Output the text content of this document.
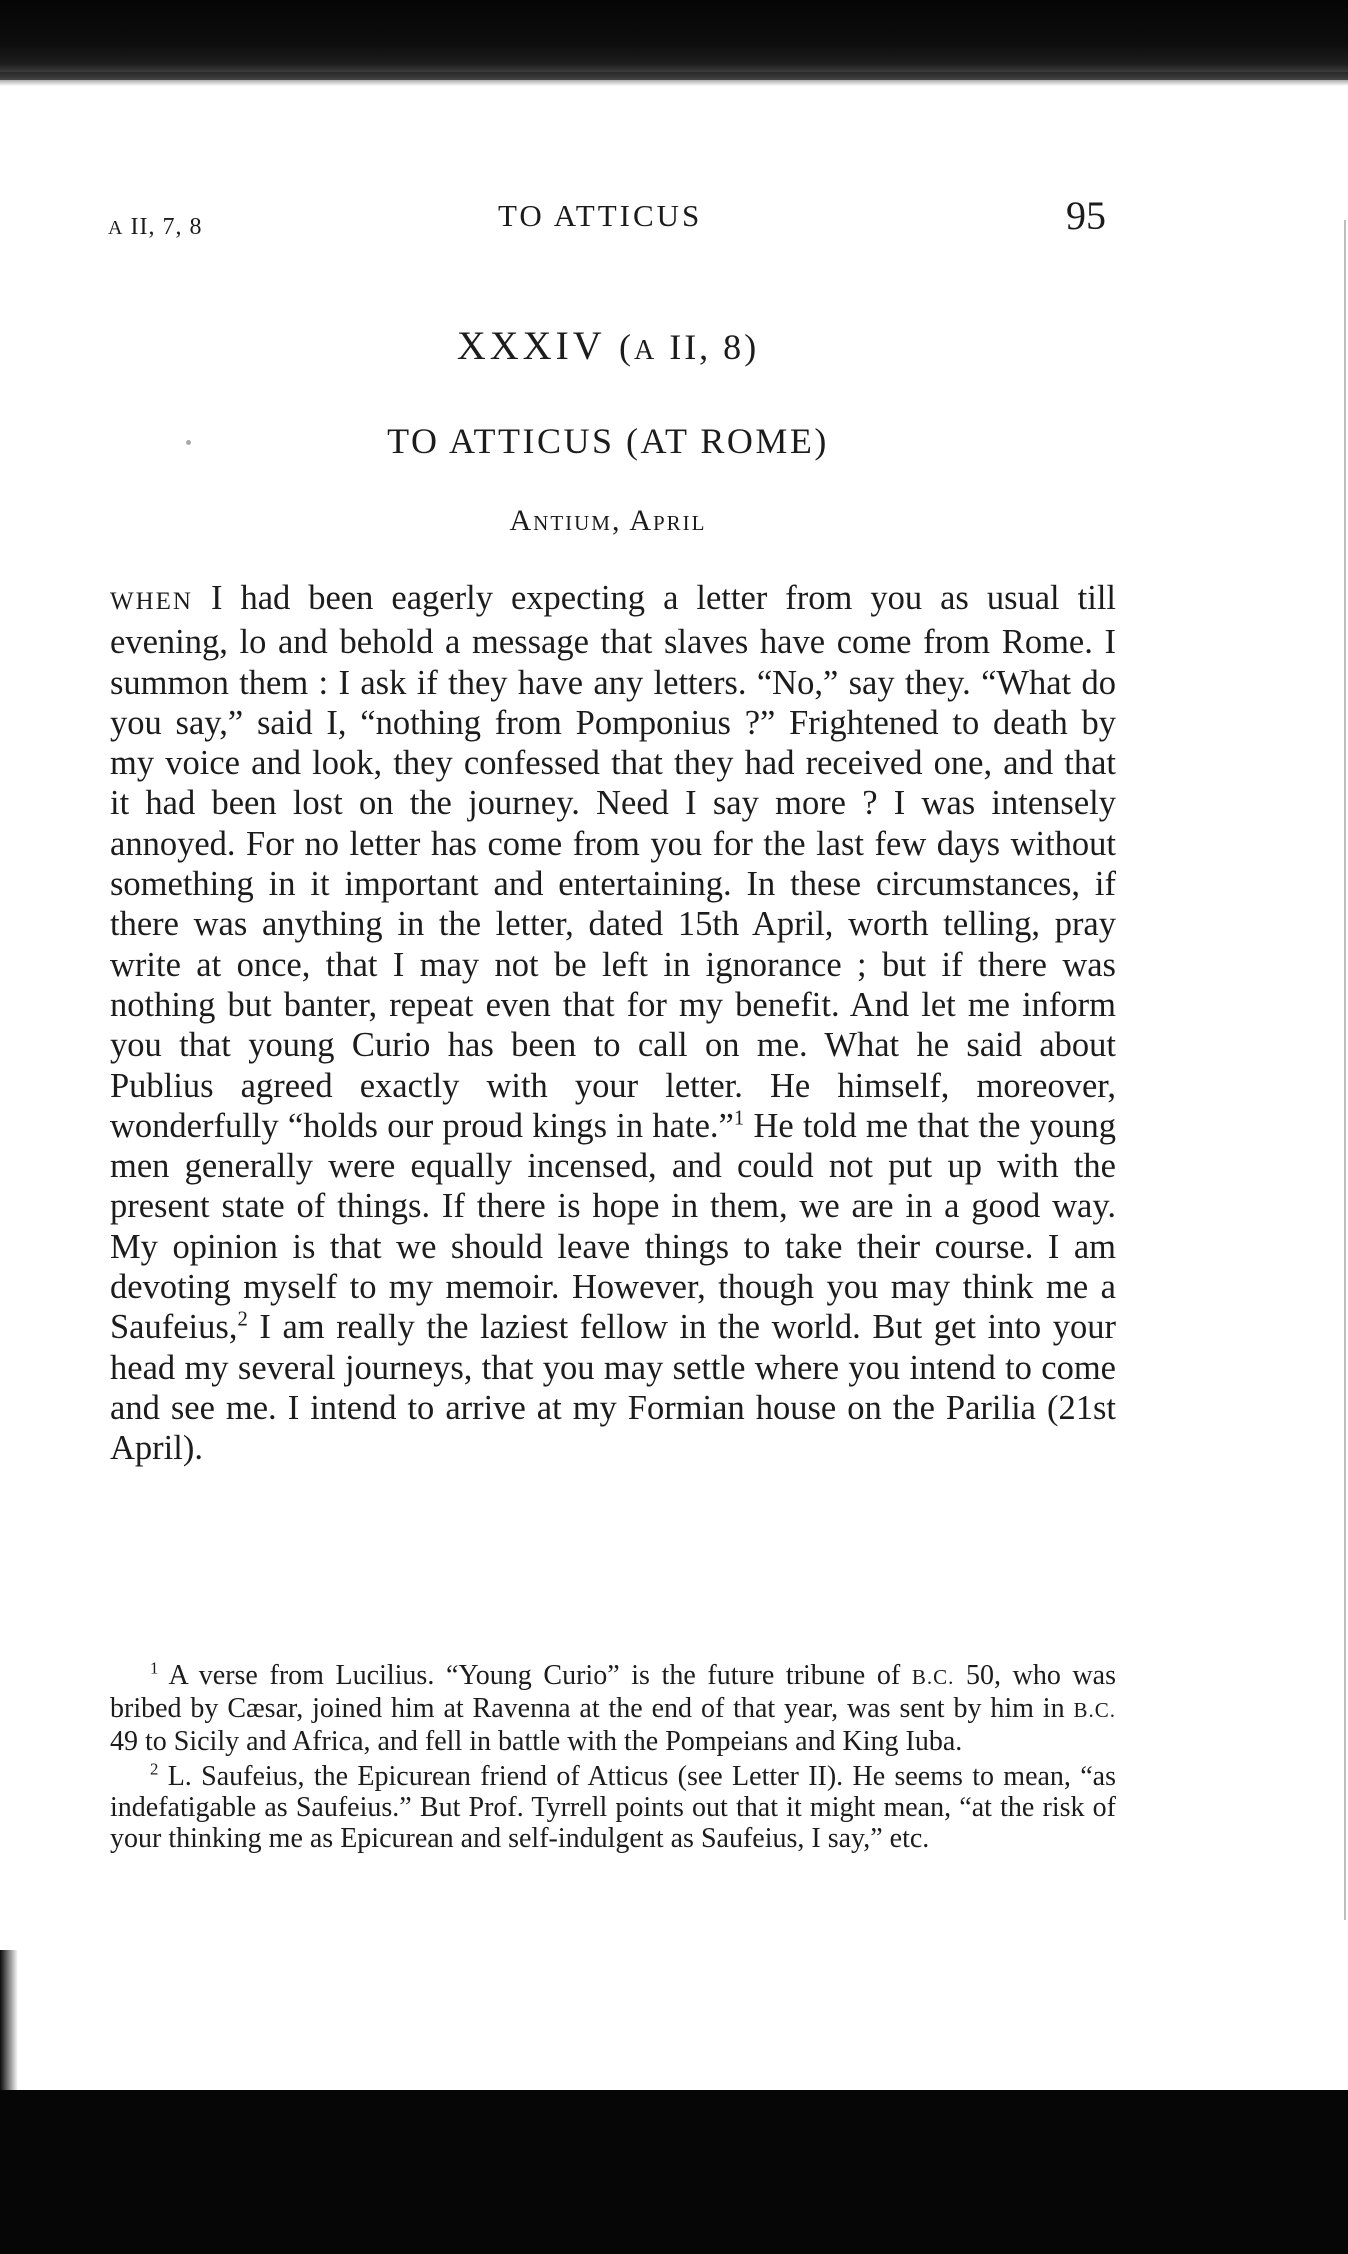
A II, 7, 8	TO ATTICUS	95
XXXIV (A II, 8)
TO ATTICUS (AT ROME)
Antium, April

WHEN I had been eagerly expecting a letter from you as usual till evening, lo and behold a message that slaves have come from Rome. I summon them : I ask if they have any letters. “No,” say they. “What do you say,” said I, “nothing from Pomponius ?” Frightened to death by my voice and look, they confessed that they had received one, and that it had been lost on the journey. Need I say more ? I was intensely annoyed. For no letter has come from you for the last few days without something in it important and entertaining. In these circumstances, if there was anything in the letter, dated 15th April, worth telling, pray write at once, that I may not be left in ignorance ; but if there was nothing but banter, repeat even that for my benefit. And let me inform you that young Curio has been to call on me. What he said about Publius agreed exactly with your letter. He himself, moreover, wonderfully “holds our proud kings in hate.”$^1$ He told me that the young men generally were equally incensed, and could not put up with the present state of things. If there is hope in them, we are in a good way. My opinion is that we should leave things to take their course. I am devoting myself to my memoir. However, though you may think me a Saufeius,$^2$ I am really the laziest fellow in the world. But get into your head my several journeys, that you may settle where you intend to come and see me. I intend to arrive at my Formian house on the Parilia (21st April).

$^1$ A verse from Lucilius. “Young Curio” is the future tribune of B.C. 50, who was bribed by Cæsar, joined him at Ravenna at the end of that year, was sent by him in B.C. 49 to Sicily and Africa, and fell in battle with the Pompeians and King Iuba.

$^2$ L. Saufeius, the Epicurean friend of Atticus (see Letter II). He seems to mean, “as indefatigable as Saufeius.” But Prof. Tyrrell points out that it might mean, “at the risk of your thinking me as Epicurean and self-indulgent as Saufeius, I say,” etc.
